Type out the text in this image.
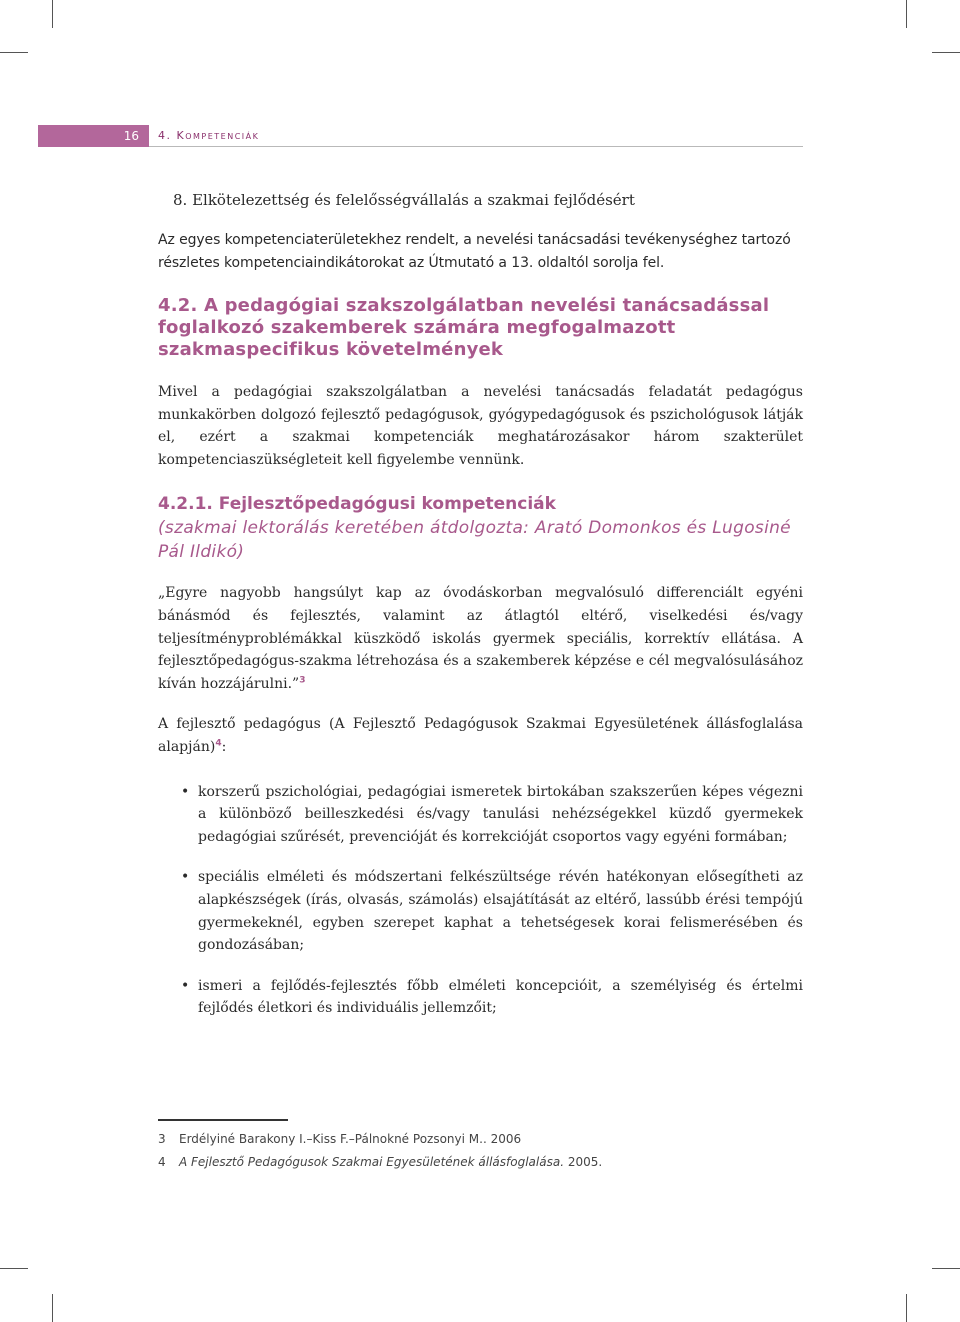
16 4. Kompetenciák

8. Elkötelezettség és felelősségvállalás a szakmai fejlődésért

Az egyes kompetenciaterületekhez rendelt, a nevelési tanácsadási tevékenységhez tartozó részletes kompetenciaindikátorokat az Útmutató a 13. oldaltól sorolja fel.

4.2. A pedagógiai szakszolgálatban nevelési tanácsadással
foglalkozó szakemberek számára megfogalmazott
szakmaspecifikus követelmények

Mivel a pedagógiai szakszolgálatban a nevelési tanácsadás feladatát pedagógus munkakörben dolgozó fejlesztő pedagógusok, gyógypedagógusok és pszichológusok látják el, ezért a szakmai kompetenciák meghatározásakor három szakterület kompetenciaszükségleteit kell figyelembe vennünk.

4.2.1. Fejlesztőpedagógusi kompetenciák
(szakmai lektorálás keretében átdolgozta: Arató Domonkos és Lugosiné Pál Ildikó)

„Egyre nagyobb hangsúlyt kap az óvodáskorban megvalósuló differenciált egyéni bánásmód és fejlesztés, valamint az átlagtól eltérő, viselkedési és/vagy teljesítményproblémákkal küszködő iskolás gyermek speciális, korrektív ellátása. A fejlesztőpedagógus-szakma létrehozása és a szakemberek képzése e cél megvalósulásához kíván hozzájárulni.”$^3$

A fejlesztő pedagógus (A Fejlesztő Pedagógusok Szakmai Egyesületének állásfoglalása alapján)$^4$:

• korszerű pszichológiai, pedagógiai ismeretek birtokában szakszerűen képes végezni a különböző beilleszkedési és/vagy tanulási nehézségekkel küzdő gyermekek pedagógiai szűrését, prevencióját és korrekcióját csoportos vagy egyéni formában;
• speciális elméleti és módszertani felkészültsége révén hatékonyan elősegítheti az alapkészségek (írás, olvasás, számolás) elsajátítását az eltérő, lassúbb érési tempójú gyermekeknél, egyben szerepet kaphat a tehetségesek korai felismerésében és gondozásában;
• ismeri a fejlődés-fejlesztés főbb elméleti koncepcióit, a személyiség és értelmi fejlődés életkori és individuális jellemzőit;
3	Erdélyiné Barakony I.–Kiss F.–Pálnokné Pozsonyi M.. 2006
4	A Fejlesztő Pedagógusok Szakmai Egyesületének állásfoglalása. 2005.
